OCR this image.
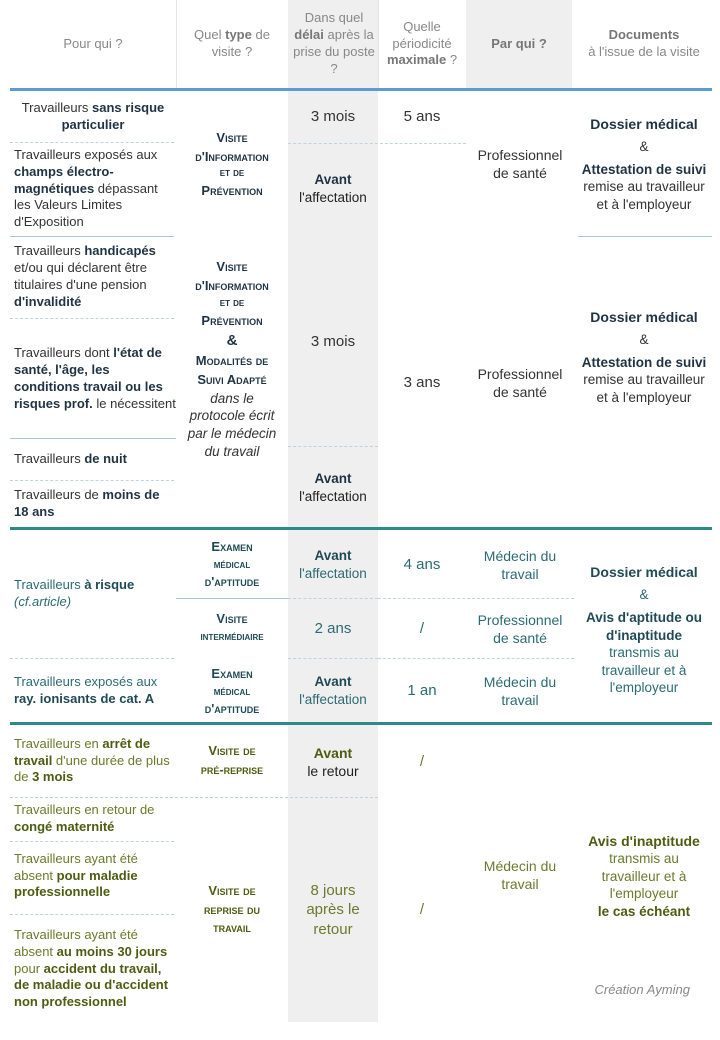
Pour qui ?
Quel type de visite ?
Dans quel délai après la prise du poste ?
Quelle périodicité maximale ?
Par qui ?
Documents
à l'issue de la visite
Travailleurs sans risque particulier
Travailleurs exposés aux champs électro-magnétiques dépassant les Valeurs Limites d'Exposition
Visite
d'Information
et de
Prévention
3 mois
Avant
l'affectation
5 ans
Professionnel de santé
Dossier médical
&
Attestation de suivi remise au travailleur et à l'employeur
Travailleurs handicapés et/ou qui déclarent être titulaires d'une pension d'invalidité
Travailleurs dont l'état de santé, l'âge, les conditions travail ou les risques prof. le nécessitent
Travailleurs de nuit
Travailleurs de moins de 18 ans
Visite
d'Information
et de
Prévention
&
Modalités de
Suivi Adapté
dans le protocole écrit par le médecin du travail
3 mois
Avant
l'affectation
3 ans
Professionnel de santé
Dossier médical
&
Attestation de suivi remise au travailleur et à l'employeur
Travailleurs à risque
(cf.article)
Travailleurs exposés aux ray. ionisants de cat. A
Examen
médical
d'aptitude
Visite
intermédiaire
Examen
médical
d'aptitude
Avant
l'affectation
2 ans
Avant
l'affectation
4 ans
/
1 an
Médecin du travail
Professionnel de santé
Médecin du travail
Dossier médical
&
Avis d'aptitude ou d'inaptitude
transmis au travailleur et à l'employeur
Travailleurs en arrêt de travail d'une durée de plus de 3 mois
Travailleurs en retour de congé maternité
Travailleurs ayant été absent pour maladie professionnelle
Travailleurs ayant été absent au moins 30 jours pour accident du travail, de maladie ou d'accident non professionnel
Visite de
pré-reprise
Visite de
reprise du
travail
Avant
le retour
8 jours après le retour
/
/
Médecin du travail
Avis d'inaptitude
transmis au travailleur et à l'employeur
le cas échéant
Création Ayming
